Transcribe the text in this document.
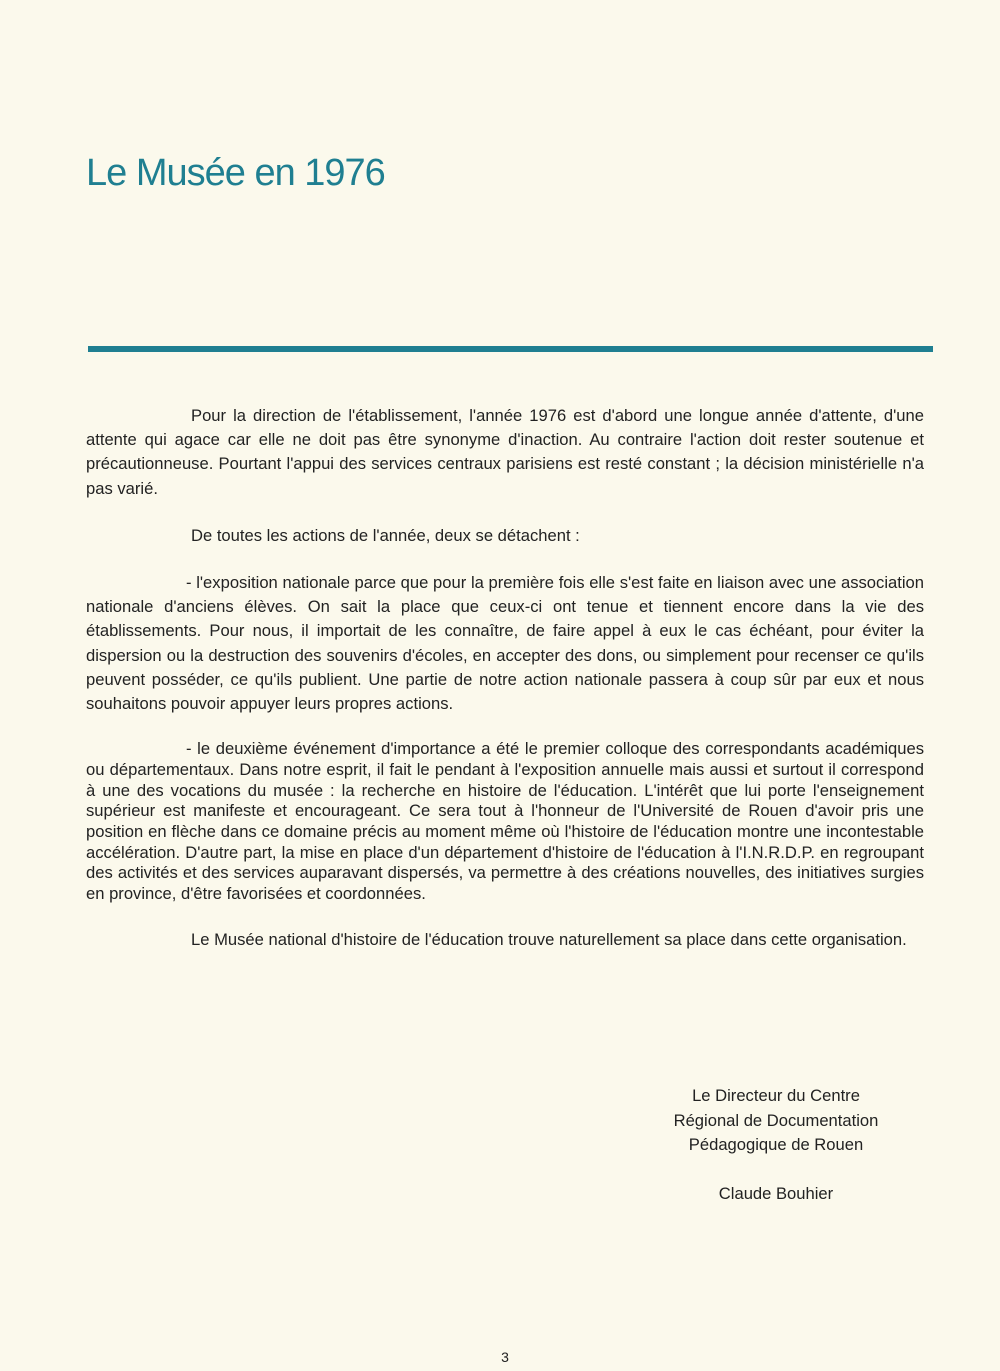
Le Musée en 1976

Pour la direction de l'établissement, l'année 1976 est d'abord une longue année d'attente, d'une attente qui agace car elle ne doit pas être synonyme d'inaction. Au contraire l'action doit rester soutenue et précautionneuse. Pourtant l'appui des services centraux parisiens est resté constant ; la décision ministérielle n'a pas varié.

De toutes les actions de l'année, deux se détachent :

- l'exposition nationale parce que pour la première fois elle s'est faite en liaison avec une association nationale d'anciens élèves. On sait la place que ceux-ci ont tenue et tiennent encore dans la vie des établissements. Pour nous, il importait de les connaître, de faire appel à eux le cas échéant, pour éviter la dispersion ou la destruction des souvenirs d'écoles, en accepter des dons, ou simplement pour recenser ce qu'ils peuvent posséder, ce qu'ils publient. Une partie de notre action nationale passera à coup sûr par eux et nous souhaitons pouvoir appuyer leurs propres actions.

- le deuxième événement d'importance a été le premier colloque des correspondants académiques ou départementaux. Dans notre esprit, il fait le pendant à l'exposition annuelle mais aussi et surtout il correspond à une des vocations du musée : la recherche en histoire de l'éducation. L'intérêt que lui porte l'enseignement supérieur est manifeste et encourageant. Ce sera tout à l'honneur de l'Université de Rouen d'avoir pris une position en flèche dans ce domaine précis au moment même où l'histoire de l'éducation montre une incontestable accélération. D'autre part, la mise en place d'un département d'histoire de l'éducation à l'I.N.R.D.P. en regroupant des activités et des services auparavant dispersés, va permettre à des créations nouvelles, des initiatives surgies en province, d'être favorisées et coordonnées.

Le Musée national d'histoire de l'éducation trouve naturellement sa place dans cette organisation.

Le Directeur du Centre
Régional de Documentation
Pédagogique de Rouen
Claude Bouhier
3
